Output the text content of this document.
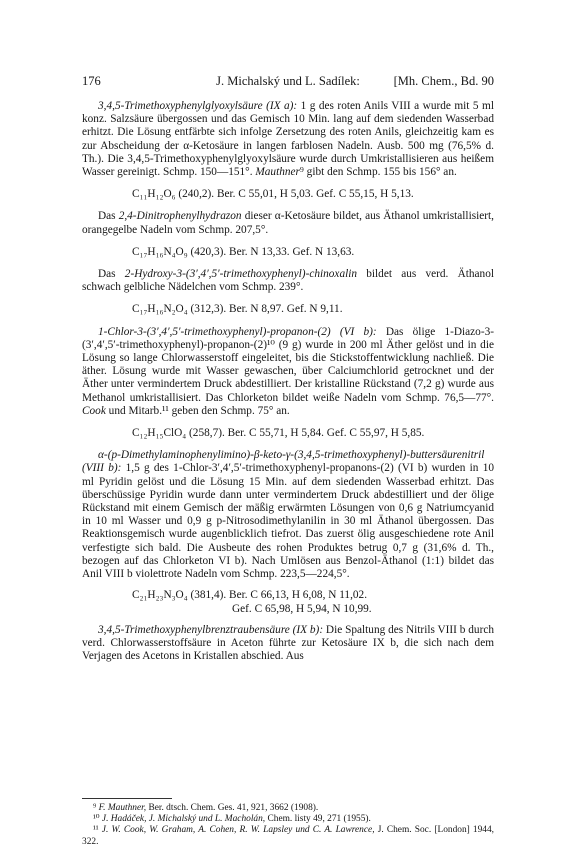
176	J. Michalský und L. Sadílek:	[Mh. Chem., Bd. 90

3,4,5-Trimethoxyphenylglyoxylsäure (IX a): 1 g des roten Anils VIII a wurde mit 5 ml konz. Salzsäure übergossen und das Gemisch 10 Min. lang auf dem siedenden Wasserbad erhitzt. Die Lösung entfärbte sich infolge Zersetzung des roten Anils, gleichzeitig kam es zur Abscheidung der α-Ketosäure in langen farblosen Nadeln. Ausb. 500 mg (76,5% d. Th.). Die 3,4,5-Trimethoxyphenylglyoxylsäure wurde durch Umkristallisieren aus heißem Wasser gereinigt. Schmp. 150—151°. Mauthner⁹ gibt den Schmp. 155 bis 156° an.

C₁₁H₁₂O₆ (240,2). Ber. C 55,01, H 5,03. Gef. C 55,15, H 5,13.

Das 2,4-Dinitrophenylhydrazon dieser α-Ketosäure bildet, aus Äthanol umkristallisiert, orangegelbe Nadeln vom Schmp. 207,5°.

C₁₇H₁₆N₄O₉ (420,3). Ber. N 13,33. Gef. N 13,63.

Das 2-Hydroxy-3-(3′,4′,5′-trimethoxyphenyl)-chinoxalin bildet aus verd. Äthanol schwach gelbliche Nädelchen vom Schmp. 239°.

C₁₇H₁₆N₂O₄ (312,3). Ber. N 8,97. Gef. N 9,11.

1-Chlor-3-(3′,4′,5′-trimethoxyphenyl)-propanon-(2) (VI b): Das ölige 1-Diazo-3-(3′,4′,5′-trimethoxyphenyl)-propanon-(2)¹⁰ (9 g) wurde in 200 ml Äther gelöst und in die Lösung so lange Chlorwasserstoff eingeleitet, bis die Stickstoffentwicklung nachließ. Die äther. Lösung wurde mit Wasser gewaschen, über Calciumchlorid getrocknet und der Äther unter vermindertem Druck abdestilliert. Der kristalline Rückstand (7,2 g) wurde aus Methanol umkristallisiert. Das Chlorketon bildet weiße Nadeln vom Schmp. 76,5—77°. Cook und Mitarb.¹¹ geben den Schmp. 75° an.

C₁₂H₁₅ClO₄ (258,7). Ber. C 55,71, H 5,84. Gef. C 55,97, H 5,85.

α-(p-Dimethylaminophenylimino)-β-keto-γ-(3,4,5-trimethoxyphenyl)-buttersäurenitril (VIII b): 1,5 g des 1-Chlor-3′,4′,5′-trimethoxyphenyl-propanons-(2) (VI b) wurden in 10 ml Pyridin gelöst und die Lösung 15 Min. auf dem siedenden Wasserbad erhitzt. Das überschüssige Pyridin wurde dann unter vermindertem Druck abdestilliert und der ölige Rückstand mit einem Gemisch der mäßig erwärmten Lösungen von 0,6 g Natriumcyanid in 10 ml Wasser und 0,9 g p-Nitrosodimethylanilin in 30 ml Äthanol übergossen. Das Reaktionsgemisch wurde augenblicklich tiefrot. Das zuerst ölig ausgeschiedene rote Anil verfestigte sich bald. Die Ausbeute des rohen Produktes betrug 0,7 g (31,6% d. Th., bezogen auf das Chlorketon VI b). Nach Umlösen aus Benzol-Äthanol (1:1) bildet das Anil VIII b violettrote Nadeln vom Schmp. 223,5—224,5°.

C₂₁H₂₃N₃O₄ (381,4). Ber. C 66,13, H 6,08, N 11,02.
Gef. C 65,98, H 5,94, N 10,99.

3,4,5-Trimethoxyphenylbrenztraubensäure (IX b): Die Spaltung des Nitrils VIII b durch verd. Chlorwasserstoffsäure in Aceton führte zur Ketosäure IX b, die sich nach dem Verjagen des Acetons in Kristallen abschied. Aus

⁹ F. Mauthner, Ber. dtsch. Chem. Ges. 41, 921, 3662 (1908).

¹⁰ J. Hadáček, J. Michalský und L. Macholán, Chem. listy 49, 271 (1955).

¹¹ J. W. Cook, W. Graham, A. Cohen, R. W. Lapsley und C. A. Lawrence, J. Chem. Soc. [London] 1944, 322.
